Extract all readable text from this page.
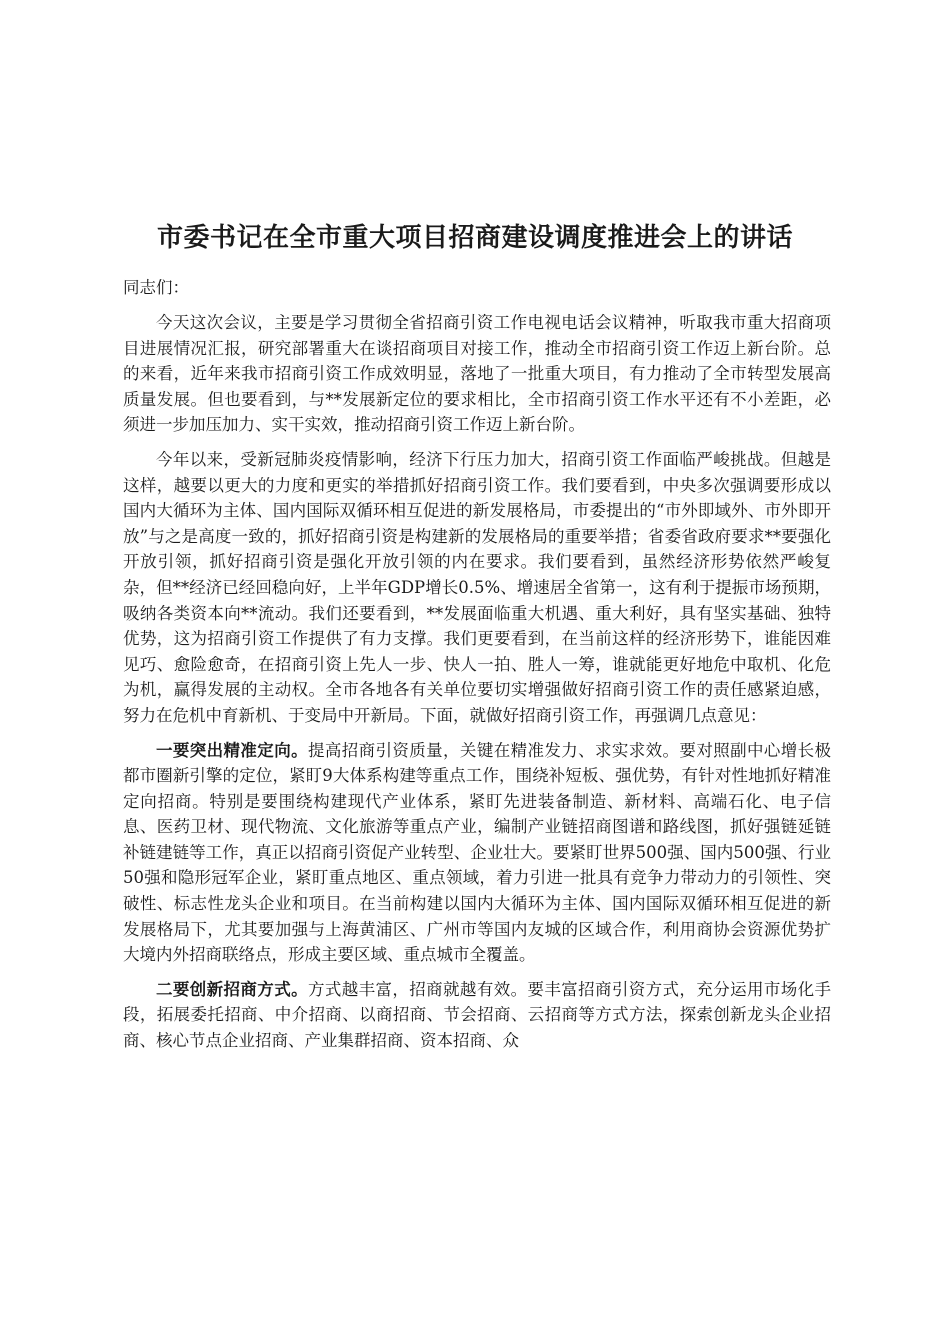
市委书记在全市重大项目招商建设调度推进会上的讲话

同志们：

今天这次会议，主要是学习贯彻全省招商引资工作电视电话会议精神，听取我市重大招商项目进展情况汇报，研究部署重大在谈招商项目对接工作，推动全市招商引资工作迈上新台阶。总的来看，近年来我市招商引资工作成效明显，落地了一批重大项目，有力推动了全市转型发展高质量发展。但也要看到，与**发展新定位的要求相比，全市招商引资工作水平还有不小差距，必须进一步加压加力、实干实效，推动招商引资工作迈上新台阶。

今年以来，受新冠肺炎疫情影响，经济下行压力加大，招商引资工作面临严峻挑战。但越是这样，越要以更大的力度和更实的举措抓好招商引资工作。我们要看到，中央多次强调要形成以国内大循环为主体、国内国际双循环相互促进的新发展格局，市委提出的“市外即域外、市外即开放”与之是高度一致的，抓好招商引资是构建新的发展格局的重要举措；省委省政府要求**要强化开放引领，抓好招商引资是强化开放引领的内在要求。我们要看到，虽然经济形势依然严峻复杂，但**经济已经回稳向好，上半年GDP增长0.5%、增速居全省第一，这有利于提振市场预期，吸纳各类资本向**流动。我们还要看到，**发展面临重大机遇、重大利好，具有坚实基础、独特优势，这为招商引资工作提供了有力支撑。我们更要看到，在当前这样的经济形势下，谁能因难见巧、愈险愈奇，在招商引资上先人一步、快人一拍、胜人一筹，谁就能更好地危中取机、化危为机，赢得发展的主动权。全市各地各有关单位要切实增强做好招商引资工作的责任感紧迫感，努力在危机中育新机、于变局中开新局。下面，就做好招商引资工作，再强调几点意见：

一要突出精准定向。提高招商引资质量，关键在精准发力、求实求效。要对照副中心增长极都市圈新引擎的定位，紧盯9大体系构建等重点工作，围绕补短板、强优势，有针对性地抓好精准定向招商。特别是要围绕构建现代产业体系，紧盯先进装备制造、新材料、高端石化、电子信息、医药卫材、现代物流、文化旅游等重点产业，编制产业链招商图谱和路线图，抓好强链延链补链建链等工作，真正以招商引资促产业转型、企业壮大。要紧盯世界500强、国内500强、行业50强和隐形冠军企业，紧盯重点地区、重点领域，着力引进一批具有竞争力带动力的引领性、突破性、标志性龙头企业和项目。在当前构建以国内大循环为主体、国内国际双循环相互促进的新发展格局下，尤其要加强与上海黄浦区、广州市等国内友城的区域合作，利用商协会资源优势扩大境内外招商联络点，形成主要区域、重点城市全覆盖。

二要创新招商方式。方式越丰富，招商就越有效。要丰富招商引资方式，充分运用市场化手段，拓展委托招商、中介招商、以商招商、节会招商、云招商等方式方法，探索创新龙头企业招商、核心节点企业招商、产业集群招商、资本招商、众
